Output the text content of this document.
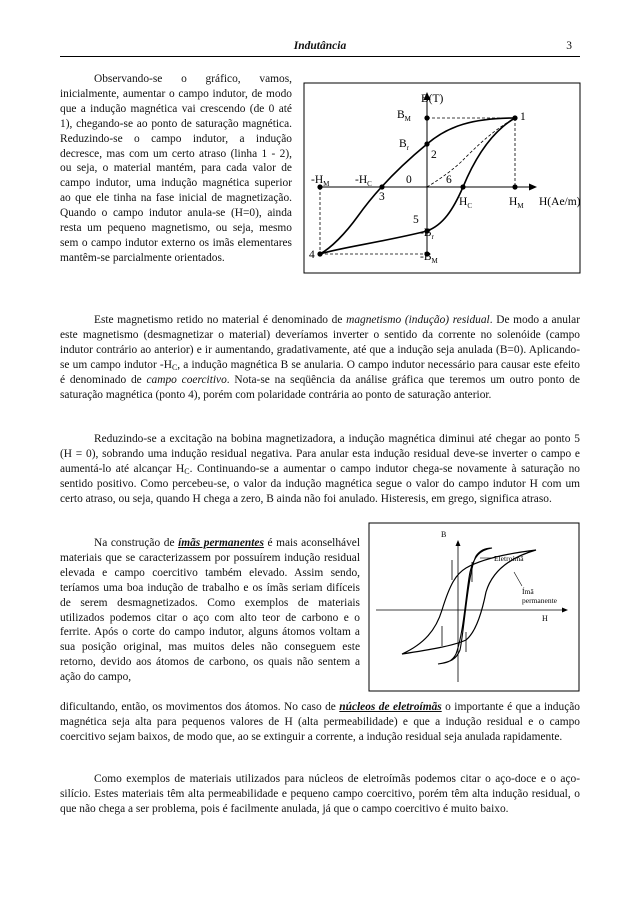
Indutância	3

Observando-se o gráfico, vamos, inicialmente, aumentar o campo indutor, de modo que a indução magnética vai crescendo (de 0 até 1), chegando-se ao ponto de saturação magnética. Reduzindo-se o campo indutor, a indução decresce, mas com um certo atraso (linha 1 - 2), ou seja, o material mantém, para cada valor de campo indutor, uma indução magnética superior ao que ele tinha na fase inicial de magnetização. Quando o campo indutor anula-se (H=0), ainda resta um pequeno magnetismo, ou seja, mesmo sem o campo indutor externo os imãs elementares mantêm-se parcialmente orientados.

B(T)
H(Ae/m)
$B_M$
$B_r$
$-B_r$
$-B_M$
$-H_M$ $-H_C$
$H_C$	$H_M$
0
1
2
3
4
5
6

Este magnetismo retido no material é denominado de magnetismo (indução) residual. De modo a anular este magnetismo (desmagnetizar o material) deveríamos inverter o sentido da corrente no solenóide (campo indutor contrário ao anterior) e ir aumentando, gradativamente, até que a indução seja anulada (B=0). Aplicando-se um campo indutor $-H_C$, a indução magnética B se anularia. O campo indutor necessário para causar este efeito é denominado de campo coercitivo. Nota-se na seqüência da análise gráfica que teremos um outro ponto de saturação magnética (ponto 4), porém com polaridade contrária ao ponto de saturação anterior.

Reduzindo-se a excitação na bobina magnetizadora, a indução magnética diminui até chegar ao ponto 5 (H = 0), sobrando uma indução residual negativa. Para anular esta indução residual deve-se inverter o campo e aumentá-lo até alcançar $H_C$. Continuando-se a aumentar o campo indutor chega-se novamente à saturação no sentido positivo. Como percebeu-se, o valor da indução magnética segue o valor do campo indutor H com um certo atraso, ou seja, quando H chega a zero, B ainda não foi anulado. Histeresis, em grego, significa atraso.

Na construção de ímãs permanentes é mais aconselhável materiais que se caracterizassem por possuírem indução residual elevada e campo coercitivo também elevado. Assim sendo, teríamos uma boa indução de trabalho e os ímãs seriam difíceis de serem desmagnetizados. Como exemplos de materiais utilizados podemos citar o aço com alto teor de carbono e o ferrite. Após o corte do campo indutor, alguns átomos voltam a sua posição original, mas muitos deles não conseguem este retorno, devido aos átomos de carbono, os quais não sentem a ação do campo,

B
H
Eletroímã
Ímã
permanente

dificultando, então, os movimentos dos átomos. No caso de núcleos de eletroímãs o importante é que a indução magnética seja alta para pequenos valores de H (alta permeabilidade) e que a indução residual e o campo coercitivo sejam baixos, de modo que, ao se extinguir a corrente, a indução residual seja anulada rapidamente.

Como exemplos de materiais utilizados para núcleos de eletroímãs podemos citar o aço-doce e o aço-silício. Estes materiais têm alta permeabilidade e pequeno campo coercitivo, porém têm alta indução residual, o que não chega a ser problema, pois é facilmente anulada, já que o campo coercitivo é muito baixo.
